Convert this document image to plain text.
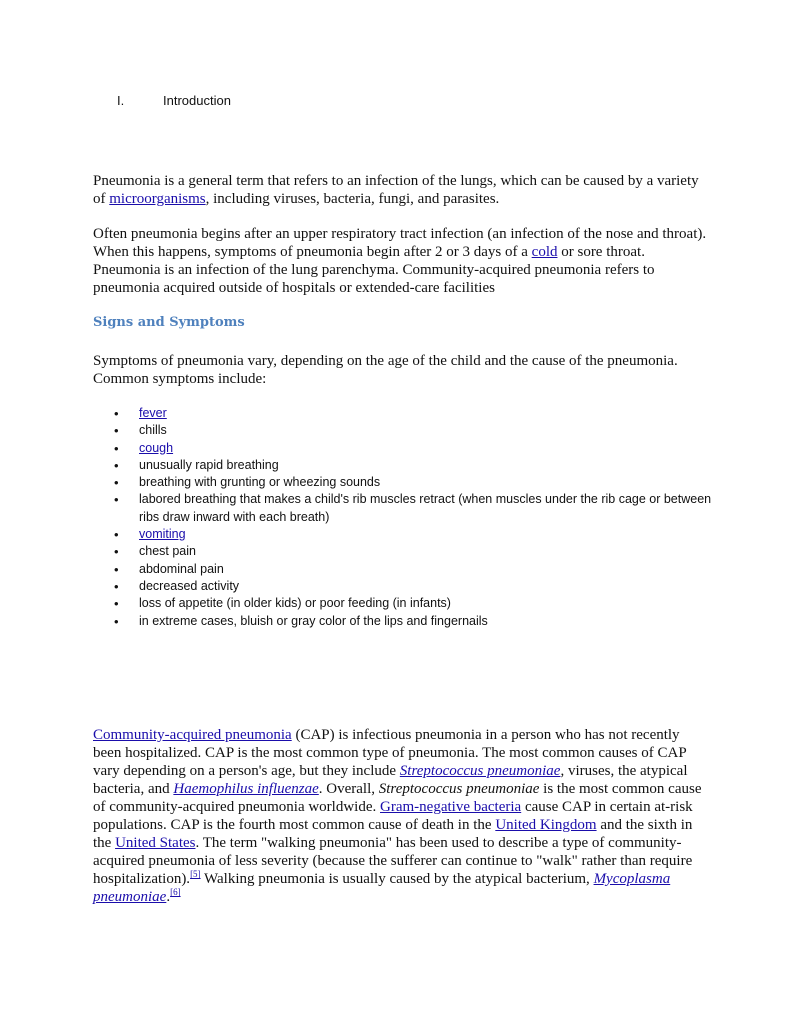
I.	Introduction

Pneumonia is a general term that refers to an infection of the lungs, which can be caused by a variety of microorganisms, including viruses, bacteria, fungi, and parasites.

Often pneumonia begins after an upper respiratory tract infection (an infection of the nose and throat). When this happens, symptoms of pneumonia begin after 2 or 3 days of a cold or sore throat. Pneumonia is an infection of the lung parenchyma. Community-acquired pneumonia refers to pneumonia acquired outside of hospitals or extended-care facilities

Signs and Symptoms

Symptoms of pneumonia vary, depending on the age of the child and the cause of the pneumonia. Common symptoms include:

• fever
• chills
• cough
• unusually rapid breathing
• breathing with grunting or wheezing sounds
• labored breathing that makes a child's rib muscles retract (when muscles under the rib cage or between ribs draw inward with each breath)
• vomiting
• chest pain
• abdominal pain
• decreased activity
• loss of appetite (in older kids) or poor feeding (in infants)
• in extreme cases, bluish or gray color of the lips and fingernails

Community-acquired pneumonia (CAP) is infectious pneumonia in a person who has not recently been hospitalized. CAP is the most common type of pneumonia. The most common causes of CAP vary depending on a person's age, but they include Streptococcus pneumoniae, viruses, the atypical bacteria, and Haemophilus influenzae. Overall, Streptococcus pneumoniae is the most common cause of community-acquired pneumonia worldwide. Gram-negative bacteria cause CAP in certain at-risk populations. CAP is the fourth most common cause of death in the United Kingdom and the sixth in the United States. The term "walking pneumonia" has been used to describe a type of community-acquired pneumonia of less severity (because the sufferer can continue to "walk" rather than require hospitalization).[5] Walking pneumonia is usually caused by the atypical bacterium, Mycoplasma pneumoniae.[6]
